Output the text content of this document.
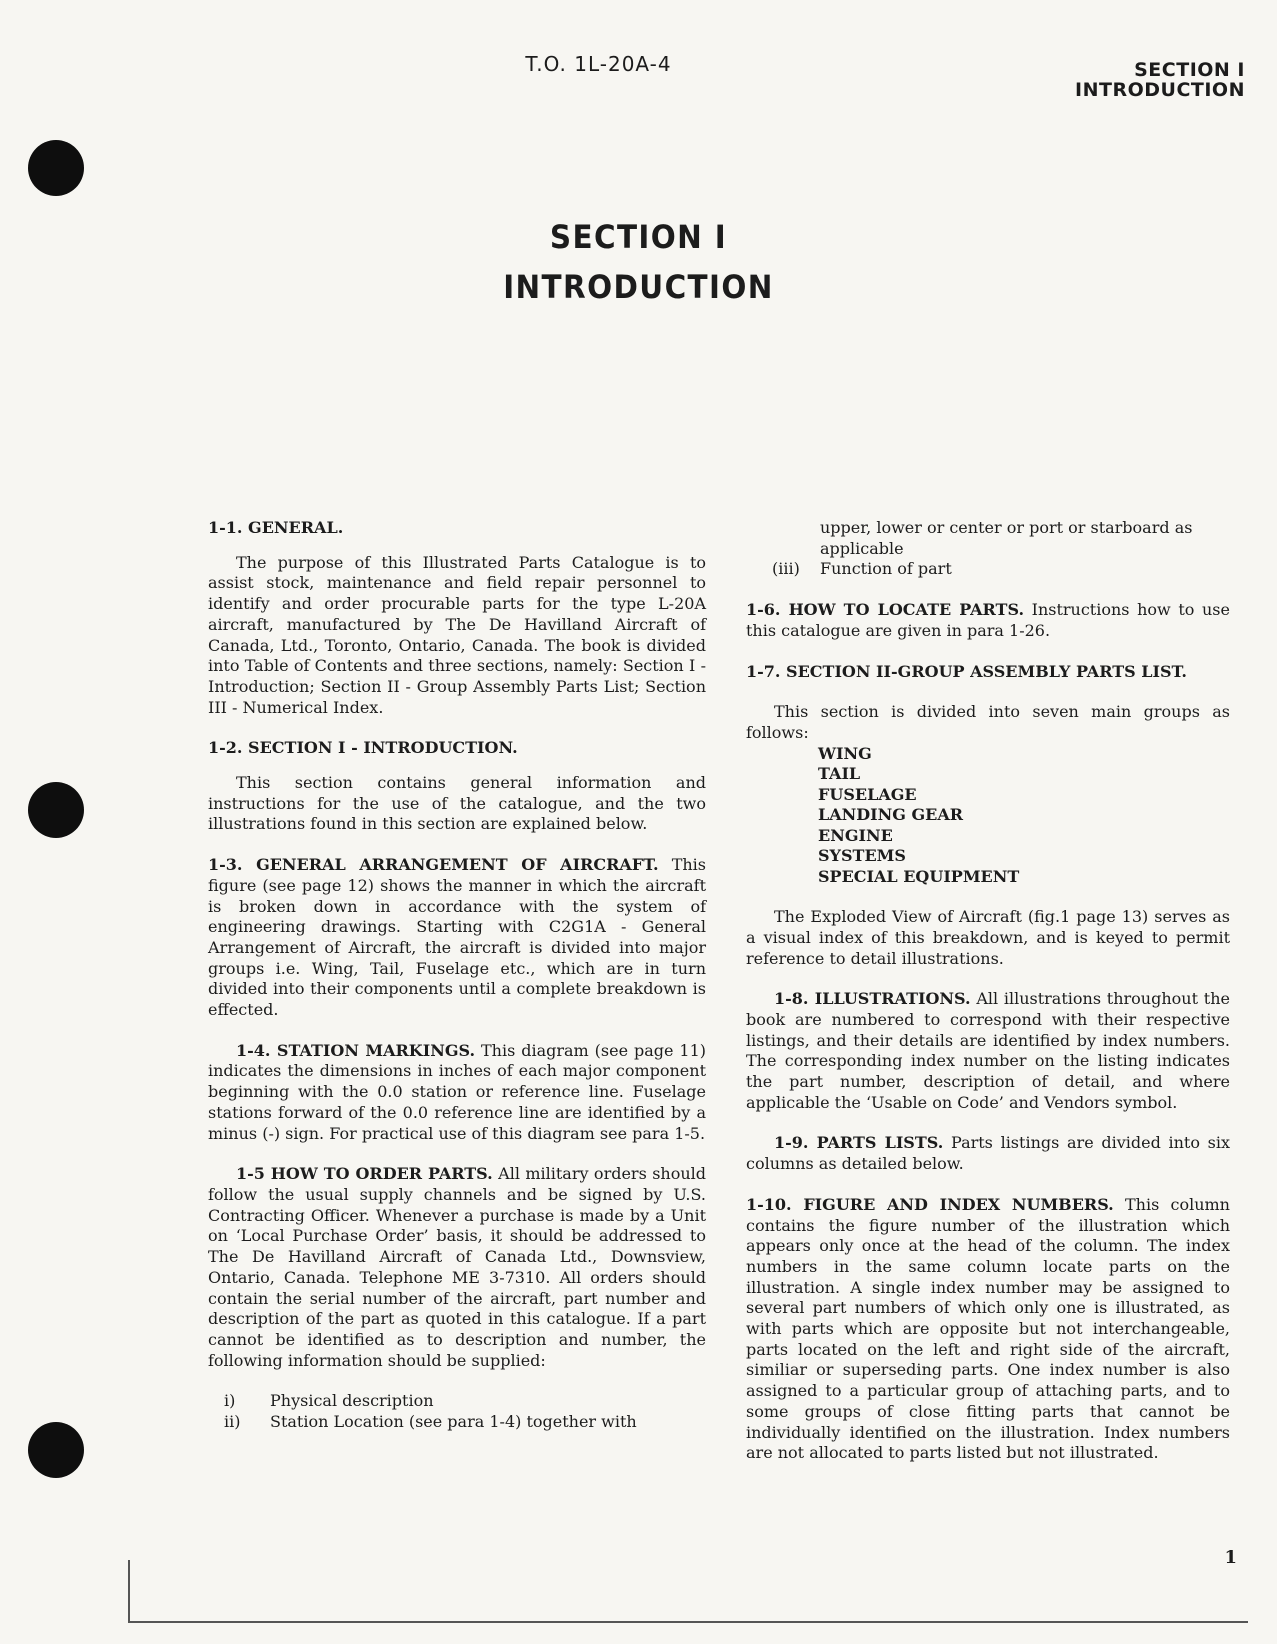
T.O. 1L-20A-4	SECTION I
INTRODUCTION
SECTION I
INTRODUCTION

1-1. GENERAL.

The purpose of this Illustrated Parts Catalogue is to assist stock, maintenance and field repair personnel to identify and order procurable parts for the type L-20A aircraft, manufactured by The De Havilland Aircraft of Canada, Ltd., Toronto, Ontario, Canada. The book is divided into Table of Contents and three sections, namely: Section I - Introduction; Section II - Group Assembly Parts List; Section III - Numerical Index.

1-2. SECTION I - INTRODUCTION.

This section contains general information and instructions for the use of the catalogue, and the two illustrations found in this section are explained below.

1-3. GENERAL ARRANGEMENT OF AIRCRAFT. This figure (see page 12) shows the manner in which the aircraft is broken down in accordance with the system of engineering drawings. Starting with C2G1A - General Arrangement of Aircraft, the aircraft is divided into major groups i.e. Wing, Tail, Fuselage etc., which are in turn divided into their components until a complete breakdown is effected.

1-4. STATION MARKINGS. This diagram (see page 11) indicates the dimensions in inches of each major component beginning with the 0.0 station or reference line. Fuselage stations forward of the 0.0 reference line are identified by a minus (-) sign. For practical use of this diagram see para 1-5.

1-5 HOW TO ORDER PARTS. All military orders should follow the usual supply channels and be signed by U.S. Contracting Officer. Whenever a purchase is made by a Unit on ‘Local Purchase Order’ basis, it should be addressed to The De Havilland Aircraft of Canada Ltd., Downsview, Ontario, Canada. Telephone ME 3-7310. All orders should contain the serial number of the aircraft, part number and description of the part as quoted in this catalogue. If a part cannot be identified as to description and number, the following information should be supplied:

i)	Physical description
ii)	Station Location (see para 1-4) together with

upper, lower or center or port or starboard as applicable

(iii)	Function of part

1-6. HOW TO LOCATE PARTS. Instructions how to use this catalogue are given in para 1-26.

1-7. SECTION II-GROUP ASSEMBLY PARTS LIST.

This section is divided into seven main groups as follows:

WING
TAIL
FUSELAGE
LANDING GEAR
ENGINE
SYSTEMS
SPECIAL EQUIPMENT

The Exploded View of Aircraft (fig.1 page 13) serves as a visual index of this breakdown, and is keyed to permit reference to detail illustrations.

1-8. ILLUSTRATIONS. All illustrations throughout the book are numbered to correspond with their respective listings, and their details are identified by index numbers. The corresponding index number on the listing indicates the part number, description of detail, and where applicable the ‘Usable on Code’ and Vendors symbol.

1-9. PARTS LISTS. Parts listings are divided into six columns as detailed below.

1-10. FIGURE AND INDEX NUMBERS. This column contains the figure number of the illustration which appears only once at the head of the column. The index numbers in the same column locate parts on the illustration. A single index number may be assigned to several part numbers of which only one is illustrated, as with parts which are opposite but not interchangeable, parts located on the left and right side of the aircraft, similiar or superseding parts. One index number is also assigned to a particular group of attaching parts, and to some groups of close fitting parts that cannot be individually identified on the illustration. Index numbers are not allocated to parts listed but not illustrated.

1
